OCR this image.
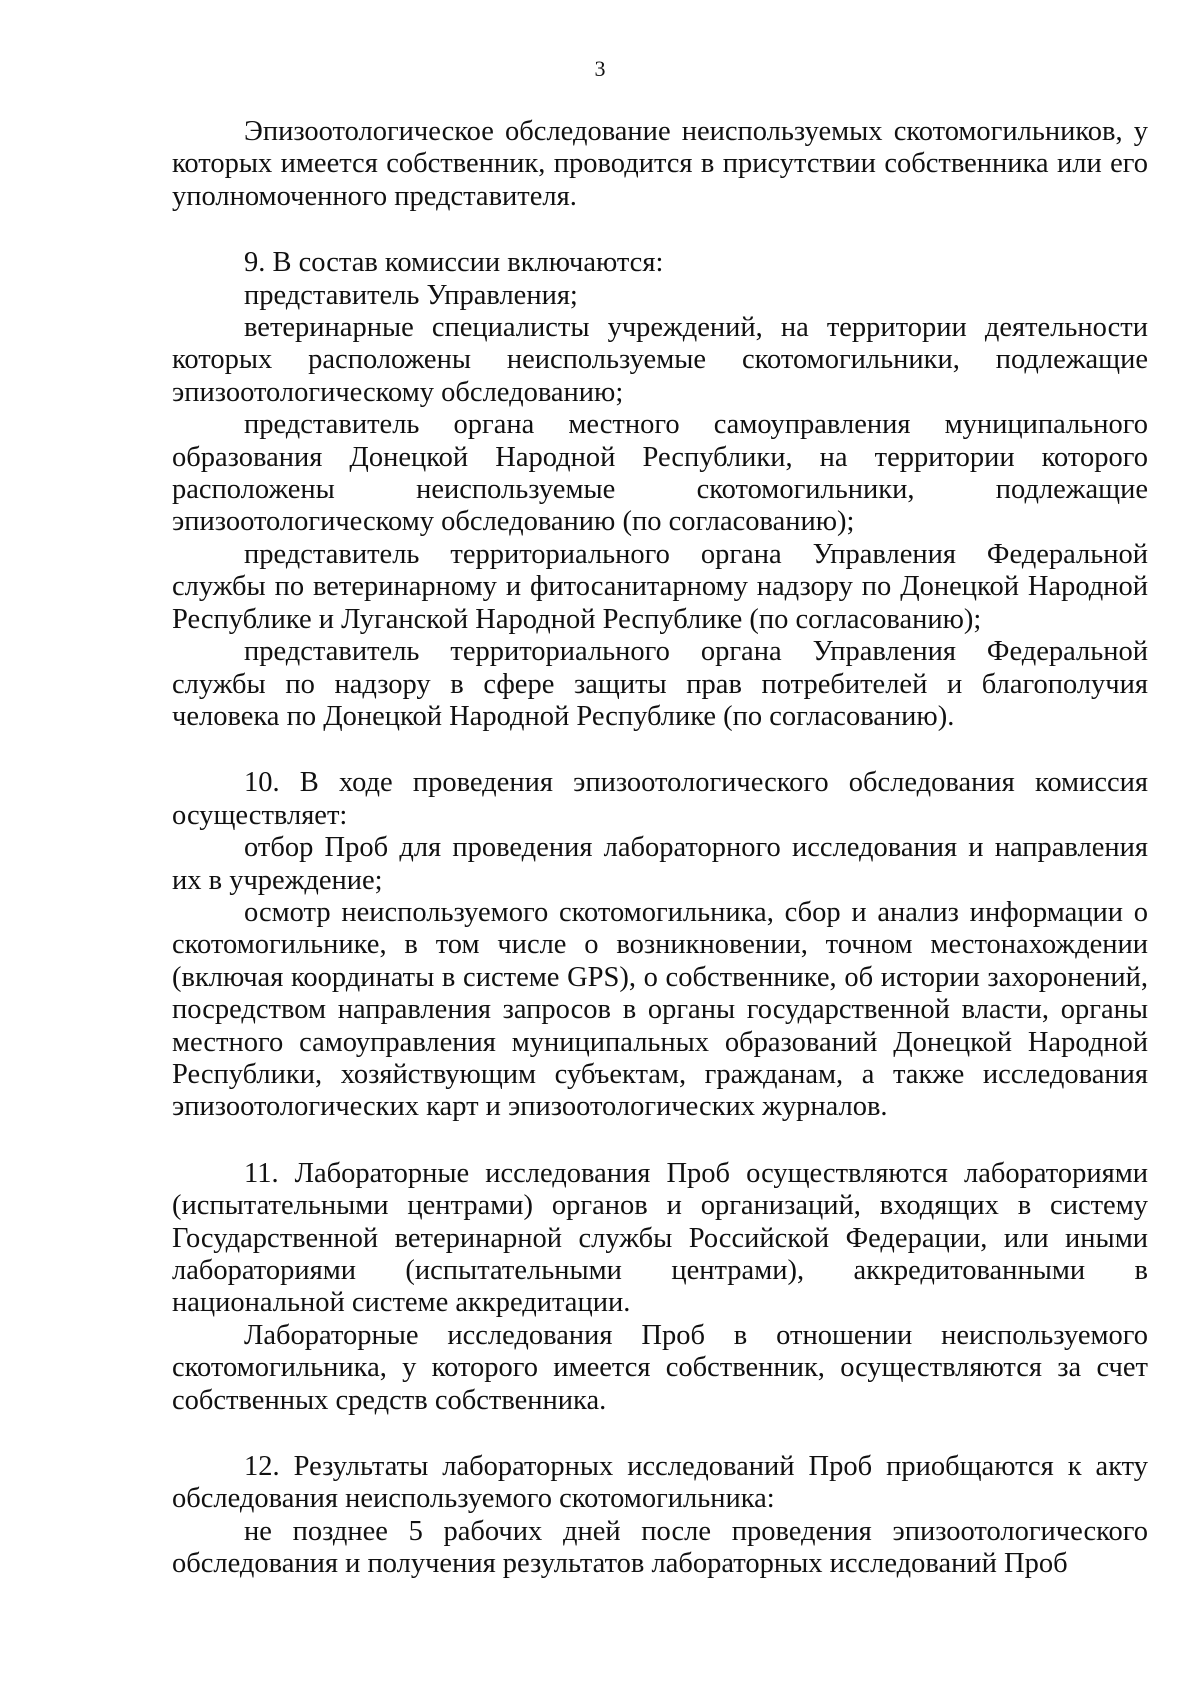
3

Эпизоотологическое обследование неиспользуемых скотомогильников, у которых имеется собственник, проводится в присутствии собственника или его уполномоченного представителя.

9. В состав комиссии включаются:

представитель Управления;

ветеринарные специалисты учреждений, на территории деятельности которых расположены неиспользуемые скотомогильники, подлежащие эпизоотологическому обследованию;

представитель органа местного самоуправления муниципального образования Донецкой Народной Республики, на территории которого расположены неиспользуемые скотомогильники, подлежащие эпизоотологическому обследованию (по согласованию);

представитель территориального органа Управления Федеральной службы по ветеринарному и фитосанитарному надзору по Донецкой Народной Республике и Луганской Народной Республике (по согласованию);

представитель территориального органа Управления Федеральной службы по надзору в сфере защиты прав потребителей и благополучия человека по Донецкой Народной Республике (по согласованию).

10. В ходе проведения эпизоотологического обследования комиссия осуществляет:

отбор Проб для проведения лабораторного исследования и направления их в учреждение;

осмотр неиспользуемого скотомогильника, сбор и анализ информации о скотомогильнике, в том числе о возникновении, точном местонахождении (включая координаты в системе GPS), о собственнике, об истории захоронений, посредством направления запросов в органы государственной власти, органы местного самоуправления муниципальных образований Донецкой Народной Республики, хозяйствующим субъектам, гражданам, а также исследования эпизоотологических карт и эпизоотологических журналов.

11. Лабораторные исследования Проб осуществляются лабораториями (испытательными центрами) органов и организаций, входящих в систему Государственной ветеринарной службы Российской Федерации, или иными лабораториями (испытательными центрами), аккредитованными в национальной системе аккредитации.

Лабораторные исследования Проб в отношении неиспользуемого скотомогильника, у которого имеется собственник, осуществляются за счет собственных средств собственника.

12. Результаты лабораторных исследований Проб приобщаются к акту обследования неиспользуемого скотомогильника:

не позднее 5 рабочих дней после проведения эпизоотологического обследования и получения результатов лабораторных исследований Проб
